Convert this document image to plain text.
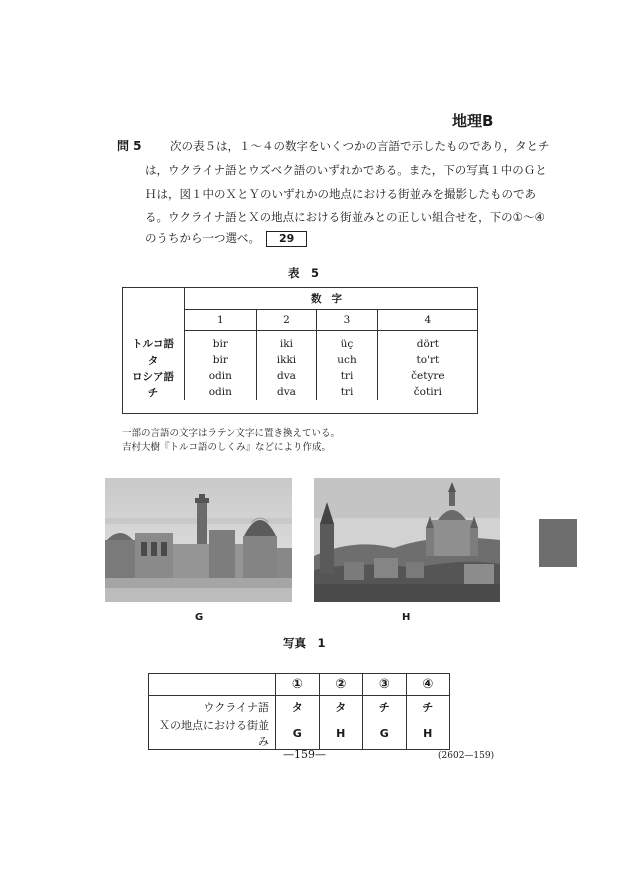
地理B
問 5 次の表５は，１～４の数字をいくつかの言語で示したものであり，タとチ
は，ウクライナ語とウズベク語のいずれかである。また，下の写真１中のＧと
Ｈは，図１中のＸとＹのいずれかの地点における街並みを撮影したものであ
る。ウクライナ語とＸの地点における街並みとの正しい組合せを，下の①～④
のうちから一つ選べ。 29
表　5
	数字			
	1	2	3	4
トルコ語	bir	iki	üç	dört
タ	bir	ikki	uch	to'rt
ロシア語	odin	dva	tri	četyre
チ	odin	dva	tri	čotiri
一部の言語の文字はラテン文字に置き換えている。
吉村大樹『トルコ語のしくみ』などにより作成。
G	H
写真　1
	①	②	③	④
ウクライナ語	タ	タ	チ	チ
Ｘの地点における街並み	G	H	G	H
—159—	(2602—159)
